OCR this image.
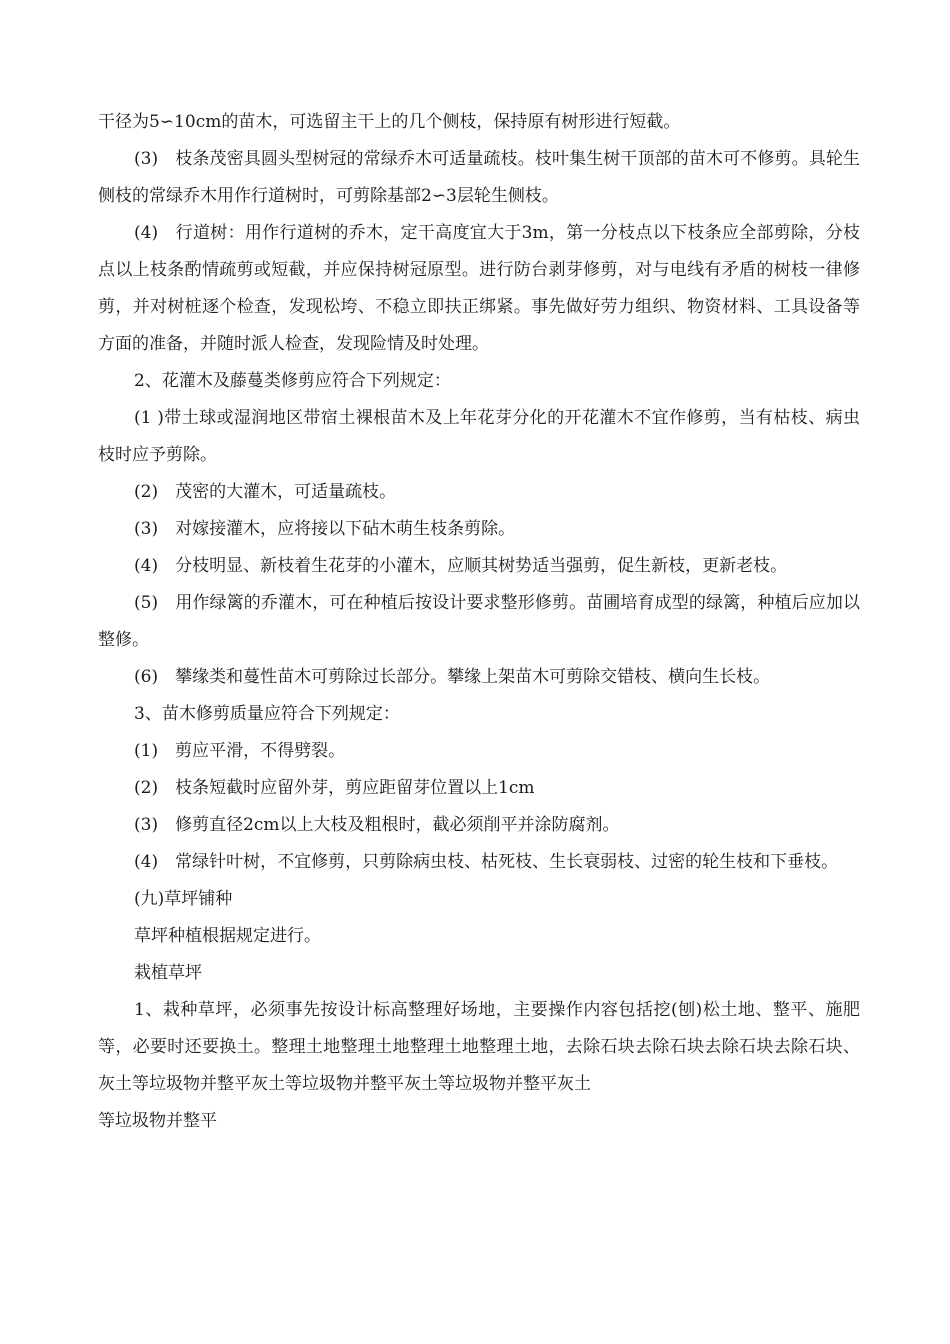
干径为5∽10cm的苗木，可选留主干上的几个侧枝，保持原有树形进行短截。

(3)　枝条茂密具圆头型树冠的常绿乔木可适量疏枝。枝叶集生树干顶部的苗木可不修剪。具轮生侧枝的常绿乔木用作行道树时，可剪除基部2∽3层轮生侧枝。

(4)　行道树：用作行道树的乔木，定干高度宜大于3m，第一分枝点以下枝条应全部剪除，分枝点以上枝条酌情疏剪或短截，并应保持树冠原型。进行防台剥芽修剪，对与电线有矛盾的树枝一律修剪，并对树桩逐个检查，发现松垮、不稳立即扶正绑紧。事先做好劳力组织、物资材料、工具设备等方面的准备，并随时派人检查，发现险情及时处理。

2、花灌木及藤蔓类修剪应符合下列规定：

(1 )带土球或湿润地区带宿土裸根苗木及上年花芽分化的开花灌木不宜作修剪，当有枯枝、病虫枝时应予剪除。

(2)　茂密的大灌木，可适量疏枝。

(3)　对嫁接灌木，应将接以下砧木萌生枝条剪除。

(4)　分枝明显、新枝着生花芽的小灌木，应顺其树势适当强剪，促生新枝，更新老枝。

(5)　用作绿篱的乔灌木，可在种植后按设计要求整形修剪。苗圃培育成型的绿篱，种植后应加以整修。

(6)　攀缘类和蔓性苗木可剪除过长部分。攀缘上架苗木可剪除交错枝、横向生长枝。

3、苗木修剪质量应符合下列规定：

(1)　剪应平滑，不得劈裂。

(2)　枝条短截时应留外芽，剪应距留芽位置以上1cm

(3)　修剪直径2cm以上大枝及粗根时，截必须削平并涂防腐剂。

(4)　常绿针叶树，不宜修剪，只剪除病虫枝、枯死枝、生长衰弱枝、过密的轮生枝和下垂枝。

(九)草坪铺种

草坪种植根据规定进行。

栽植草坪

1、栽种草坪，必须事先按设计标高整理好场地，主要操作内容包括挖(刨)松土地、整平、施肥等，必要时还要换土。整理土地整理土地整理土地整理土地，去除石块去除石块去除石块去除石块、灰土等垃圾物并整平灰土等垃圾物并整平灰土等垃圾物并整平灰土

等垃圾物并整平
